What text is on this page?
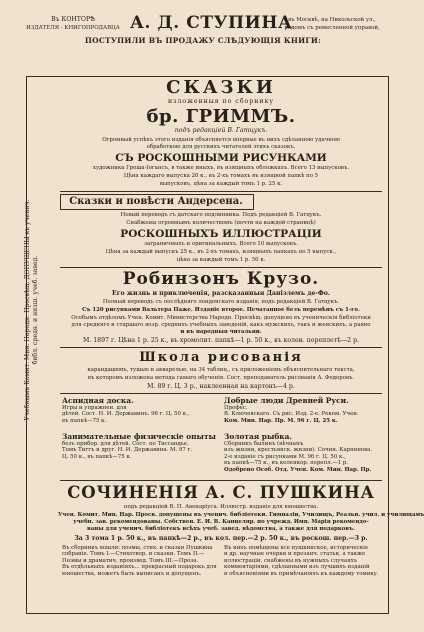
Въ КОНТОРѢ
ИЗДАТЕЛЯ - КНИГОПРОДАВЦА А. Д. СТУПИНА
въ Москвѣ, на Никольской ул.,
рядомъ съ ремесленной управой,
ПОСТУПИЛИ ВЪ ПРОДАЖУ СЛѢДУЮЩІЯ КНИГИ:
Учебнымъ Комит. Мин. Народн. Просвѣщ. ДОПУЩЕНЫ въ ученич. библ. средн. и низш. учеб. завед.
СКАЗКИ
изложенныя по сборнику
бр. ГРИММЪ.
подъ редакціей В. Гатцукъ.
Огромный успѣхъ этого изданія объясняется впервые въ нихъ сдѣланною удачною
обработкою для русскихъ читателей этихъ сказокъ.
СЪ РОСКОШНЫМИ РИСУНКАМИ
художника Гроша-Іогансъ, в также иныхъ, въ изящныхъ обложкахъ. Всего 13 выпусковъ.
Цѣна каждаго выпуска 20 к., въ 2-хъ томахъ въ изящной папкѣ по 5
выпусковъ, цѣна за каждый томъ 1 р. 25 к.
Сказки и повѣсти Андерсена.
Новый переводъ съ датскаго подлинника. Подъ редакціей В. Гатцукъ.
Снабжены огромнымъ количествомъ (почти на каждой страницѣ)
РОСКОШНЫХЪ ИЛЛЮСТРАЦІИ
заграничныхъ и оригинальныхъ. Всего 10 выпусковъ.
Цѣна за каждый выпускъ 25 к., въ 2-хъ томахъ, изящныхъ папкахъ по 5 выпуск.,
цѣна за каждый томъ 1 р. 50 к.
Робинзонъ Крузо.
Его жизнь и приключенія, разсказанныя Даніэлемъ де-Фо.
Полный переводъ съ послѣдняго лондонскаго изданія, подъ редакціей В. Гатцукъ.
Съ 120 рисунками Вальтера Паже. Изданіе второе. Печатанное безъ перемѣнъ съ 1-го.
Особымъ отдѣломъ Учен. Комит. Министерства Народн. Просвѣщ. допущено въ ученическія библіотеки
для средняго и старшаго возр. среднихъ учебныхъ заведеній, какъ мужскихъ, такъ и женскихъ, а равно
и въ народныя читальни.
М. 1897 г. Цѣна 1 р. 25 к., въ хромолит. папкѣ—1 р. 50 к., въ колен. переплетѣ—2 р.
Школа рисованія
карандашемъ, тушью и акварелью, на 34 таблиц., съ приложеніемъ объяснительнаго текста,
въ которомъ изложена метода самаго обученія. Сост. преподаватель рисованія А. Федоровъ.
М. 89 г. Ц. 3 р., наклеенная на картонъ—4 р.
Аспидная доска.
Игры и упражнен. для
дѣтей. Сост. Н. И. Державинъ. 96 г. Ц. 50 к.,
въ папкѣ—75 к.
Добрые люди Древней Руси.
Профес.
В. Ключевскаго. Съ рис. Изд. 2-е. Реком. Учен.
Ком. Мин. Нар. Пр. М. 96 г. Ц. 25 к.
Занимательные физическіе опыты
безъ прибор. для дѣтей. Сост. по Тиссандье,
Томъ Тиггъ и друг. Н. И. Державина. М. 97 г.
Ц. 50 к., въ папкѣ—75 к.
Золотая рыбка.
Сборникъ былинъ (вѣчныхъ
изъ жизни, крестьянск. жизни). Сочин. Карпинова.
2-е изданіе съ рисунками М. 96 г. Ц. 50 к.,
въ папкѣ—75 к., въ коленкор. перепл.—1 р.
Одобрено Особ. Отд. Учен. Ком. Мин. Нар. Пр.
СОЧИНЕНІЯ А. С. ПУШКИНА
подъ редакціей В. П. Авенаріуса. Иллюстр. изданіе для юношества.
Учен. Комит. Мин. Нар. Просв. допущены въ ученич. библіотеки. Гимназіи, Училищъ, Реальн. учил. и училищамъ
учебн. зав. рекомендованы. Собствен. Е. И. В. Канцеляр. по учрежд. Имп. Марія рекомендо-
ваны для ученич. библіотекъ всѣхъ учеб. завед. вѣдомства, а также для подарковъ.
За 3 тома 1 р. 50 к., въ папкѣ—2 р., въ кол. пер.—2 р. 50 к., въ роскош. пер.—3 р.
Въ сборникъ вошли: поэмы, стих. и сказки Пушкина
собраніе. Томъ I.—Стихотвор. и сказки. Томъ II.—
Поэмы и драматич. произвед. Томъ III.—Проза.
Въ отдѣльныхъ изданіяхъ... прекрасный подарокъ для
юношества, можетъ быть выписанъ и допущенъ.
Въ нихъ помѣщены все пушкинское, историческіе
и др. научные очерки и прозаич. статьи, а также
иллюстраціи, снабжены въ нужныхъ случаяхъ
комментаріями, сдѣланными изъ лучшихъ изданій
и объясненіями въ примѣчаніяхъ къ каждому томику.
